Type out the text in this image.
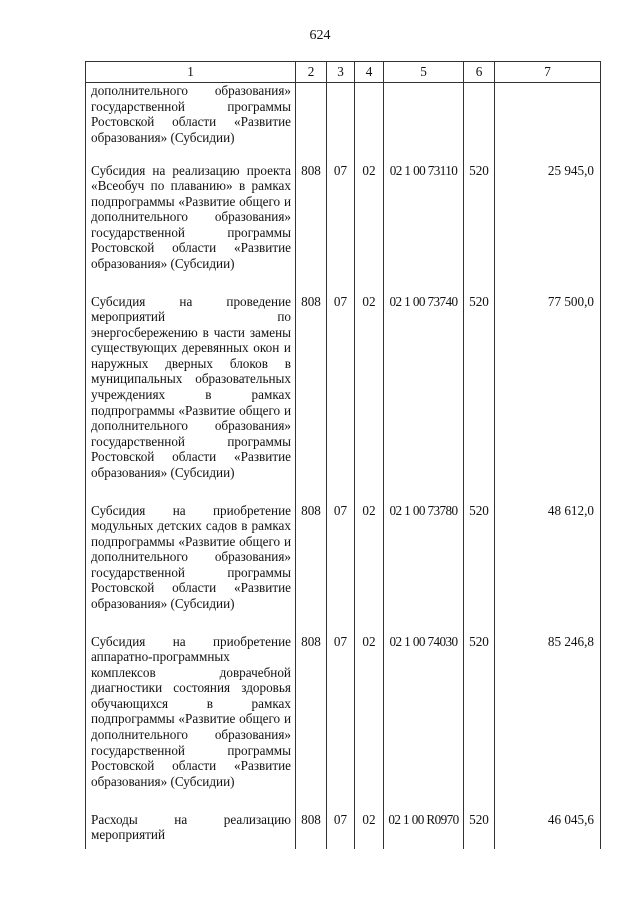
624
1	2	3	4	5	6	7
дополнительного образования» государственной программы Ростовской области «Развитие образования» (Субсидии)						
Субсидия на реализацию проекта «Всеобуч по плаванию» в рамках подпрограммы «Развитие общего и дополнительного образования» государственной программы Ростовской области «Развитие образования» (Субсидии)	808	07	02	02 1 00 73110	520	25 945,0
Субсидия на проведение мероприятий по энергосбережению в части замены существующих деревянных окон и наружных дверных блоков в муниципальных образовательных учреждениях в рамках подпрограммы «Развитие общего и дополнительного образования» государственной программы Ростовской области «Развитие образования» (Субсидии)	808	07	02	02 1 00 73740	520	77 500,0
Субсидия на приобретение модульных детских садов в рамках подпрограммы «Развитие общего и дополнительного образования» государственной программы Ростовской области «Развитие образования» (Субсидии)	808	07	02	02 1 00 73780	520	48 612,0
Субсидия на приобретение аппаратно-программных комплексов доврачебной диагностики состояния здоровья обучающихся в рамках подпрограммы «Развитие общего и дополнительного образования» государственной программы Ростовской области «Развитие образования» (Субсидии)	808	07	02	02 1 00 74030	520	85 246,8
Расходы на реализацию мероприятий	808	07	02	02 1 00 R0970	520	46 045,6
